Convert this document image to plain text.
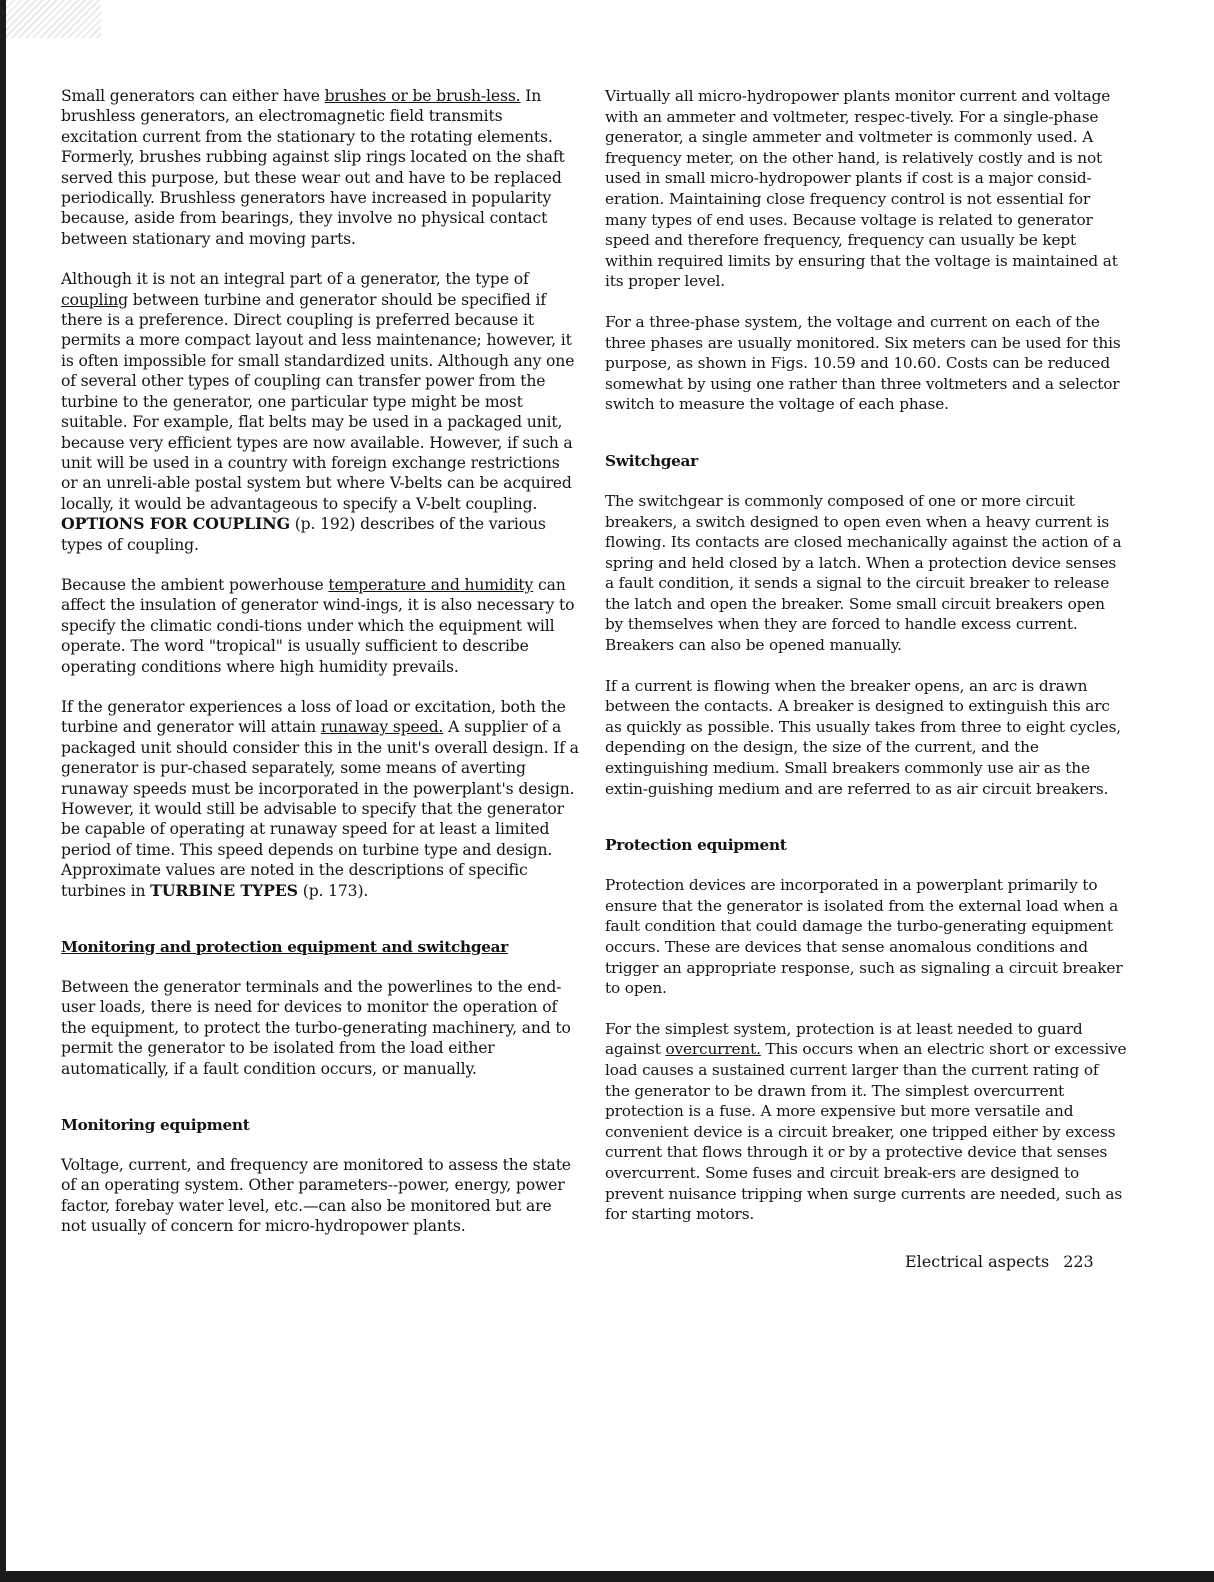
Small generators can either have brushes or be brush-less. In brushless generators, an electromagnetic field transmits excitation current from the stationary to the rotating elements. Formerly, brushes rubbing against slip rings located on the shaft served this purpose, but these wear out and have to be replaced periodically. Brushless generators have increased in popularity because, aside from bearings, they involve no physical contact between stationary and moving parts.

Although it is not an integral part of a generator, the type of coupling between turbine and generator should be specified if there is a preference. Direct coupling is preferred because it permits a more compact layout and less maintenance; however, it is often impossible for small standardized units. Although any one of several other types of coupling can transfer power from the turbine to the generator, one particular type might be most suitable. For example, flat belts may be used in a packaged unit, because very efficient types are now available. However, if such a unit will be used in a country with foreign exchange restrictions or an unreli-able postal system but where V-belts can be acquired locally, it would be advantageous to specify a V-belt coupling. OPTIONS FOR COUPLING (p. 192) describes of the various types of coupling.

Because the ambient powerhouse temperature and humidity can affect the insulation of generator wind-ings, it is also necessary to specify the climatic condi-tions under which the equipment will operate. The word "tropical" is usually sufficient to describe operating conditions where high humidity prevails.

If the generator experiences a loss of load or excitation, both the turbine and generator will attain runaway speed. A supplier of a packaged unit should consider this in the unit's overall design. If a generator is pur-chased separately, some means of averting runaway speeds must be incorporated in the powerplant's design. However, it would still be advisable to specify that the generator be capable of operating at runaway speed for at least a limited period of time. This speed depends on turbine type and design. Approximate values are noted in the descriptions of specific turbines in TURBINE TYPES (p. 173).

Monitoring and protection equipment and switchgear

Between the generator terminals and the powerlines to the end-user loads, there is need for devices to monitor the operation of the equipment, to protect the turbo-generating machinery, and to permit the generator to be isolated from the load either automatically, if a fault condition occurs, or manually.

Monitoring equipment

Voltage, current, and frequency are monitored to assess the state of an operating system. Other parameters--power, energy, power factor, forebay water level, etc.—can also be monitored but are not usually of concern for micro-hydropower plants.

Virtually all micro-hydropower plants monitor current and voltage with an ammeter and voltmeter, respec-tively. For a single-phase generator, a single ammeter and voltmeter is commonly used. A frequency meter, on the other hand, is relatively costly and is not used in small micro-hydropower plants if cost is a major consid-eration. Maintaining close frequency control is not essential for many types of end uses. Because voltage is related to generator speed and therefore frequency, frequency can usually be kept within required limits by ensuring that the voltage is maintained at its proper level.

For a three-phase system, the voltage and current on each of the three phases are usually monitored. Six meters can be used for this purpose, as shown in Figs. 10.59 and 10.60. Costs can be reduced somewhat by using one rather than three voltmeters and a selector switch to measure the voltage of each phase.

Switchgear

The switchgear is commonly composed of one or more circuit breakers, a switch designed to open even when a heavy current is flowing. Its contacts are closed mechanically against the action of a spring and held closed by a latch. When a protection device senses a fault condition, it sends a signal to the circuit breaker to release the latch and open the breaker. Some small circuit breakers open by themselves when they are forced to handle excess current. Breakers can also be opened manually.

If a current is flowing when the breaker opens, an arc is drawn between the contacts. A breaker is designed to extinguish this arc as quickly as possible. This usually takes from three to eight cycles, depending on the design, the size of the current, and the extinguishing medium. Small breakers commonly use air as the extin-guishing medium and are referred to as air circuit breakers.

Protection equipment

Protection devices are incorporated in a powerplant primarily to ensure that the generator is isolated from the external load when a fault condition that could damage the turbo-generating equipment occurs. These are devices that sense anomalous conditions and trigger an appropriate response, such as signaling a circuit breaker to open.

For the simplest system, protection is at least needed to guard against overcurrent. This occurs when an electric short or excessive load causes a sustained current larger than the current rating of the generator to be drawn from it. The simplest overcurrent protection is a fuse. A more expensive but more versatile and convenient device is a circuit breaker, one tripped either by excess current that flows through it or by a protective device that senses overcurrent. Some fuses and circuit break-ers are designed to prevent nuisance tripping when surge currents are needed, such as for starting motors.

Electrical aspects 223
